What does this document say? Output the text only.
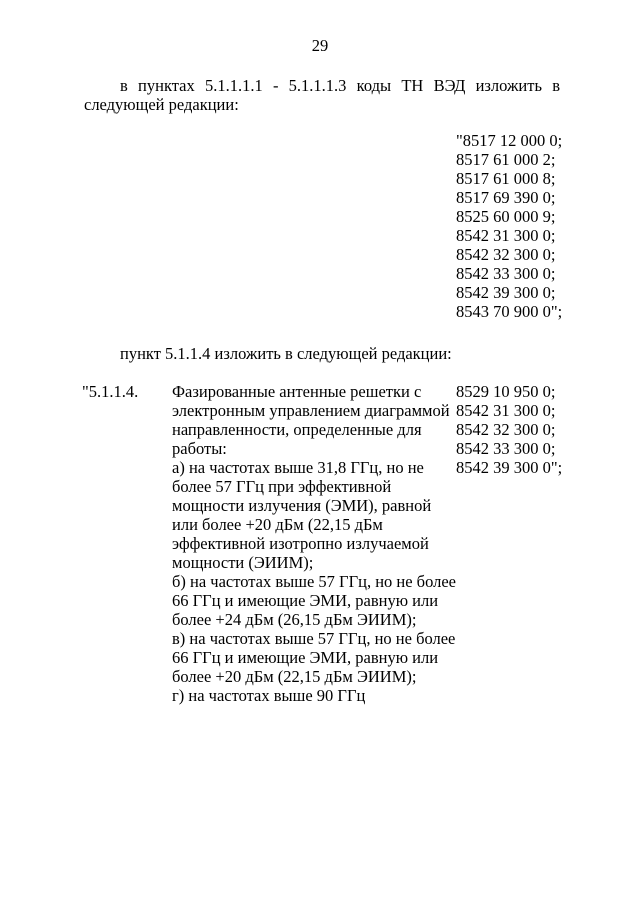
29
в пунктах 5.1.1.1.1 - 5.1.1.1.3 коды ТН ВЭД изложить в
следующей редакции:
"8517 12 000 0;
8517 61 000 2;
8517 61 000 8;
8517 69 390 0;
8525 60 000 9;
8542 31 300 0;
8542 32 300 0;
8542 33 300 0;
8542 39 300 0;
8543 70 900 0";
пункт 5.1.1.4 изложить в следующей редакции:
"5.1.1.4. Фазированные антенные решетки с
электронным управлением диаграммой
направленности, определенные для
работы:
а) на частотах выше 31,8 ГГц, но не
более 57 ГГц при эффективной
мощности излучения (ЭМИ), равной
или более +20 дБм (22,15 дБм
эффективной изотропно излучаемой
мощности (ЭИИМ);
б) на частотах выше 57 ГГц, но не более
66 ГГц и имеющие ЭМИ, равную или
более +24 дБм (26,15 дБм ЭИИМ);
в) на частотах выше 57 ГГц, но не более
66 ГГц и имеющие ЭМИ, равную или
более +20 дБм (22,15 дБм ЭИИМ);
г) на частотах выше 90 ГГц
8529 10 950 0;
8542 31 300 0;
8542 32 300 0;
8542 33 300 0;
8542 39 300 0";
